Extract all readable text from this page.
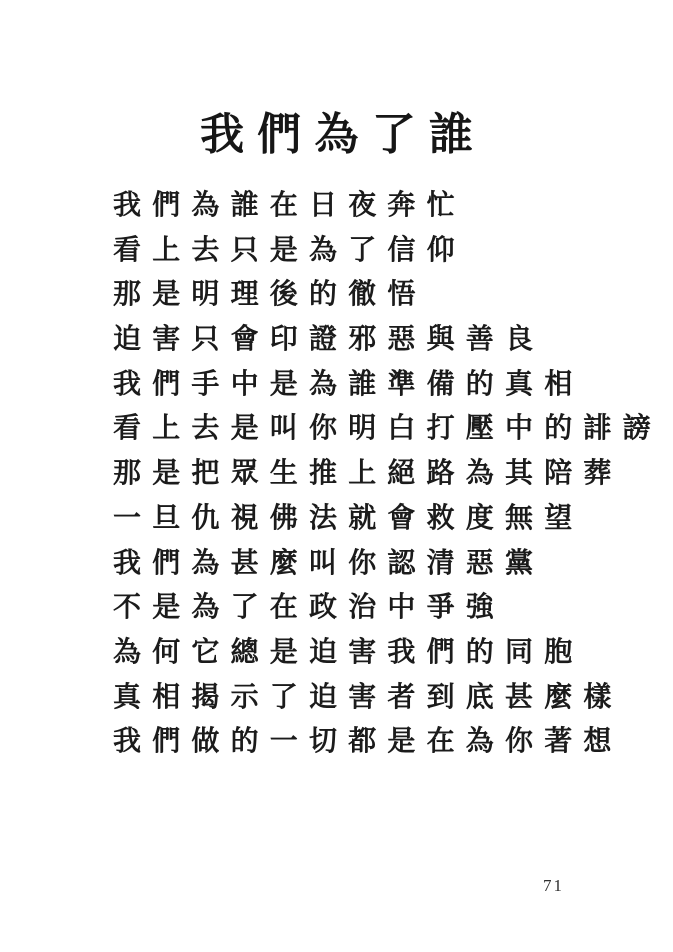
我們為了誰
我們為誰在日夜奔忙
看上去只是為了信仰
那是明理後的徹悟
迫害只會印證邪惡與善良
我們手中是為誰準備的真相
看上去是叫你明白打壓中的誹謗
那是把眾生推上絕路為其陪葬
一旦仇視佛法就會救度無望
我們為甚麼叫你認清惡黨
不是為了在政治中爭強
為何它總是迫害我們的同胞
真相揭示了迫害者到底甚麼樣
我們做的一切都是在為你著想
71
